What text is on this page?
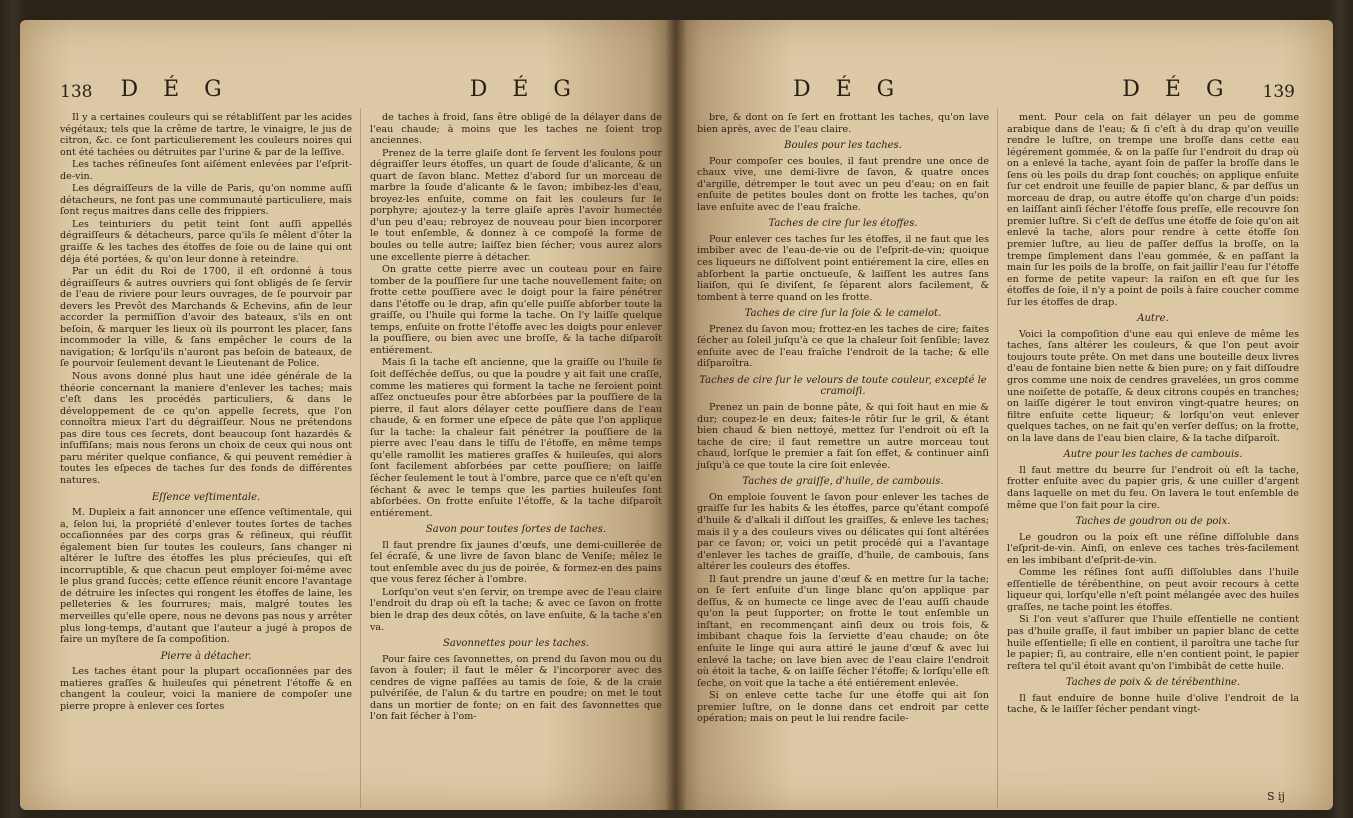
138 D É G	D É G

Il y a certaines couleurs qui se rétabliſſent par les acides végétaux; tels que la crême de tartre, le vinaigre, le jus de citron, &c. ce ſont particulierement les couleurs noires qui ont été tachées ou détruites par l'urine & par de la leſſive.

Les taches réſineuſes ſont aiſément enlevées par l'eſprit-de-vin.

Les dégraiſſeurs de la ville de Paris, qu'on nomme auſſi détacheurs, ne font pas une communauté particuliere, mais ſont reçus maitres dans celle des frippiers.

Les teinturiers du petit teint ſont auſſi appellés dégraiſſeurs & détacheurs, parce qu'ils ſe mêlent d'ôter la graiſſe & les taches des étoffes de ſoie ou de laine qui ont déja été portées, & qu'on leur donne à reteindre.

Par un édit du Roi de 1700, il eſt ordonné à tous dégraiſſeurs & autres ouvriers qui ſont obligés de ſe ſervir de l'eau de riviere pour leurs ouvrages, de ſe pourvoir par devers les Prevôt des Marchands & Echevins, afin de leur accorder la permiſſion d'avoir des bateaux, s'ils en ont beſoin, & marquer les lieux où ils pourront les placer, ſans incommoder la ville, & ſans empêcher le cours de la navigation; & lorſqu'ils n'auront pas beſoin de bateaux, de ſe pourvoir ſeulement devant le Lieutenant de Police.

Nous avons donné plus haut une idée générale de la théorie concernant la maniere d'enlever les taches; mais c'eſt dans les procédés particuliers, & dans le développement de ce qu'on appelle ſecrets, que l'on connoîtra mieux l'art du dégraiſſeur. Nous ne prétendons pas dire tous ces ſecrets, dont beaucoup ſont hazardés & inſuffiſans; mais nous ferons un choix de ceux qui nous ont paru mériter quelque confiance, & qui peuvent remédier à toutes les eſpeces de taches ſur des fonds de différentes natures.

Eſſence veſtimentale.

M. Dupleix a fait annoncer une eſſence veſtimentale, qui a, ſelon lui, la propriété d'enlever toutes ſortes de taches occaſionnées par des corps gras & réſineux, qui réuſſit également bien ſur toutes les couleurs, ſans changer ni altérer le luſtre des étoffes les plus précieuſes, qui eſt incorruptible, & que chacun peut employer ſoi-même avec le plus grand ſuccès; cette eſſence réunit encore l'avantage de détruire les inſectes qui rongent les étoffes de laine, les pelleteries & les fourrures; mais, malgré toutes les merveilles qu'elle opere, nous ne devons pas nous y arrêter plus long-temps, d'autant que l'auteur a jugé à propos de faire un myſtere de ſa compoſition.

Pierre à détacher.

Les taches étant pour la plupart occaſionnées par des matieres graſſes & huileuſes qui pénetrent l'étoffe & en changent la couleur, voici la maniere de compoſer une pierre propre à enlever ces ſortes

de taches à froid, ſans être obligé de la délayer dans de l'eau chaude; à moins que les taches ne ſoient trop anciennes.

Prenez de la terre glaiſe dont ſe ſervent les foulons pour dégraiſſer leurs étoffes, un quart de ſoude d'alicante, & un quart de ſavon blanc. Mettez d'abord ſur un morceau de marbre la ſoude d'alicante & le ſavon; imbibez-les d'eau, broyez-les enſuite, comme on fait les couleurs ſur le porphyre; ajoutez-y la terre glaiſe après l'avoir humectée d'un peu d'eau; rebroyez de nouveau pour bien incorporer le tout enſemble, & donnez à ce compoſé la forme de boules ou telle autre; laiſſez bien ſécher; vous aurez alors une excellente pierre à détacher.

On gratte cette pierre avec un couteau pour en faire tomber de la pouſſiere ſur une tache nouvellement faite; on frotte cette pouſſiere avec le doigt pour la faire pénétrer dans l'étoffe ou le drap, afin qu'elle puiſſe abſorber toute la graiſſe, ou l'huile qui forme la tache. On l'y laiſſe quelque temps, enſuite on frotte l'étoffe avec les doigts pour enlever la pouſſiere, ou bien avec une broſſe, & la tache diſparoît entiérement.

Mais ſi la tache eſt ancienne, que la graiſſe ou l'huile ſe ſoit deſſéchée deſſus, ou que la poudre y ait fait une craſſe, comme les matieres qui forment la tache ne ſeroient point aſſez onctueuſes pour être abſorbées par la pouſſiere de la pierre, il faut alors délayer cette pouſſiere dans de l'eau chaude, & en former une eſpece de pâte que l'on applique ſur la tache: la chaleur fait pénétrer la pouſſiere de la pierre avec l'eau dans le tiſſu de l'étoffe, en même temps qu'elle ramollit les matieres graſſes & huileuſes, qui alors ſont facilement abſorbées par cette pouſſiere; on laiſſe ſécher ſeulement le tout à l'ombre, parce que ce n'eſt qu'en ſéchant & avec le temps que les parties huileuſes ſont abſorbées. On frotte enſuite l'étoffe, & la tache diſparoît entiérement.

Savon pour toutes ſortes de taches.

Il faut prendre ſix jaunes d'œufs, une demi-cuillerée de ſel écraſé, & une livre de ſavon blanc de Veniſe; mêlez le tout enſemble avec du jus de poirée, & formez-en des pains que vous ferez ſécher à l'ombre.

Lorſqu'on veut s'en ſervir, on trempe avec de l'eau claire l'endroit du drap où eſt la tache; & avec ce ſavon on frotte bien le drap des deux côtés, on lave enſuite, & la tache s'en va.

Savonnettes pour les taches.

Pour faire ces ſavonnettes, on prend du ſavon mou ou du ſavon à fouler; il faut le mêler & l'incorporer avec des cendres de vigne paſſées au tamis de ſoie, & de la craie pulvériſée, de l'alun & du tartre en poudre; on met le tout dans un mortier de fonte; on en fait des ſavonnettes que l'on fait ſécher à l'om-

D É G	D É G 139

bre, & dont on ſe ſert en frottant les taches, qu'on lave bien après, avec de l'eau claire.

Boules pour les taches.

Pour compoſer ces boules, il faut prendre une once de chaux vive, une demi-livre de ſavon, & quatre onces d'argille, détremper le tout avec un peu d'eau; on en fait enſuite de petites boules dont on frotte les taches, qu'on lave enſuite avec de l'eau fraîche.

Taches de cire ſur les étoffes.

Pour enlever ces taches ſur les étoffes, il ne faut que les imbiber avec de l'eau-de-vie ou de l'eſprit-de-vin; quoique ces liqueurs ne diſſolvent point entiérement la cire, elles en abſorbent la partie onctueuſe, & laiſſent les autres ſans liaiſon, qui ſe diviſent, ſe ſéparent alors facilement, & tombent à terre quand on les frotte.

Taches de cire ſur la ſoie & le camelot.

Prenez du ſavon mou; frottez-en les taches de cire; faites ſécher au ſoleil juſqu'à ce que la chaleur ſoit ſenſible; lavez enſuite avec de l'eau fraîche l'endroit de la tache; & elle diſparoîtra.

Taches de cire ſur le velours de toute couleur, excepté le cramoiſi.

Prenez un pain de bonne pâte, & qui ſoit haut en mie & dur; coupez-le en deux; faites-le rôtir ſur le gril, & étant bien chaud & bien nettoyé, mettez ſur l'endroit où eſt la tache de cire; il faut remettre un autre morceau tout chaud, lorſque le premier a fait ſon effet, & continuer ainſi juſqu'à ce que toute la cire ſoit enlevée.

Taches de graiſſe, d'huile, de cambouis.

On emploie ſouvent le ſavon pour enlever les taches de graiſſe ſur les habits & les étoffes, parce qu'étant compoſé d'huile & d'alkali il diſſout les graiſſes, & enleve les taches; mais il y a des couleurs vives ou délicates qui ſont altérées par ce ſavon; or, voici un petit procédé qui a l'avantage d'enlever les taches de graiſſe, d'huile, de cambouis, ſans altérer les couleurs des étoffes.

Il faut prendre un jaune d'œuf & en mettre ſur la tache; on ſe ſert enſuite d'un linge blanc qu'on applique par deſſus, & on humecte ce linge avec de l'eau auſſi chaude qu'on la peut ſupporter; on frotte le tout enſemble un inſtant, en recommençant ainſi deux ou trois fois, & imbibant chaque fois la ſerviette d'eau chaude; on ôte enſuite le linge qui aura attiré le jaune d'œuf & avec lui enlevé la tache; on lave bien avec de l'eau claire l'endroit où étoit la tache, & on laiſſe ſécher l'étoffe; & lorſqu'elle eſt ſeche, on voit que la tache a été entiérement enlevée.

Si on enleve cette tache ſur une étoffe qui ait ſon premier luſtre, on le donne dans cet endroit par cette opération; mais on peut le lui rendre facile-

ment. Pour cela on fait délayer un peu de gomme arabique dans de l'eau; & ſi c'eſt à du drap qu'on veuille rendre le luſtre, on trempe une broſſe dans cette eau légérement gommée, & on la paſſe ſur l'endroit du drap où on a enlevé la tache, ayant ſoin de paſſer la broſſe dans le ſens où les poils du drap ſont couchés; on applique enſuite ſur cet endroit une feuille de papier blanc, & par deſſus un morceau de drap, ou autre étoffe qu'on charge d'un poids: en laiſſant ainſi ſécher l'étoffe ſous preſſe, elle recouvre ſon premier luſtre. Si c'eſt de deſſus une étoffe de ſoie qu'on ait enlevé la tache, alors pour rendre à cette étoffe ſon premier luſtre, au lieu de paſſer deſſus la broſſe, on la trempe ſimplement dans l'eau gommée, & en paſſant la main ſur les poils de la broſſe, on fait jaillir l'eau ſur l'étoffe en forme de petite vapeur: la raiſon en eſt que ſur les étoffes de ſoie, il n'y a point de poils à faire coucher comme ſur les étoffes de drap.

Autre.

Voici la compoſition d'une eau qui enleve de même les taches, ſans altérer les couleurs, & que l'on peut avoir toujours toute prête. On met dans une bouteille deux livres d'eau de fontaine bien nette & bien pure; on y fait diſſoudre gros comme une noix de cendres gravelées, un gros comme une noiſette de potaſſe, & deux citrons coupés en tranches; on laiſſe digérer le tout environ vingt-quatre heures; on filtre enſuite cette liqueur; & lorſqu'on veut enlever quelques taches, on ne fait qu'en verſer deſſus; on la frotte, on la lave dans de l'eau bien claire, & la tache diſparoît.

Autre pour les taches de cambouis.

Il faut mettre du beurre ſur l'endroit où eſt la tache, frotter enſuite avec du papier gris, & une cuiller d'argent dans laquelle on met du feu. On lavera le tout enſemble de même que l'on fait pour la cire.

Taches de goudron ou de poix.

Le goudron ou la poix eſt une réſine diſſoluble dans l'eſprit-de-vin. Ainſi, on enleve ces taches très-facilement en les imbibant d'eſprit-de-vin.

Comme les réſines ſont auſſi diſſolubles dans l'huile eſſentielle de térébenthine, on peut avoir recours à cette liqueur qui, lorſqu'elle n'eſt point mélangée avec des huiles graſſes, ne tache point les étoffes.

Si l'on veut s'aſſurer que l'huile eſſentielle ne contient pas d'huile graſſe, il faut imbiber un papier blanc de cette huile eſſentielle; ſi elle en contient, il paroîtra une tache ſur le papier; ſi, au contraire, elle n'en contient point, le papier reſtera tel qu'il étoit avant qu'on l'imbibât de cette huile.

Taches de poix & de térébenthine.

Il faut enduire de bonne huile d'olive l'endroit de la tache, & le laiſſer ſécher pendant vingt-

S ij
